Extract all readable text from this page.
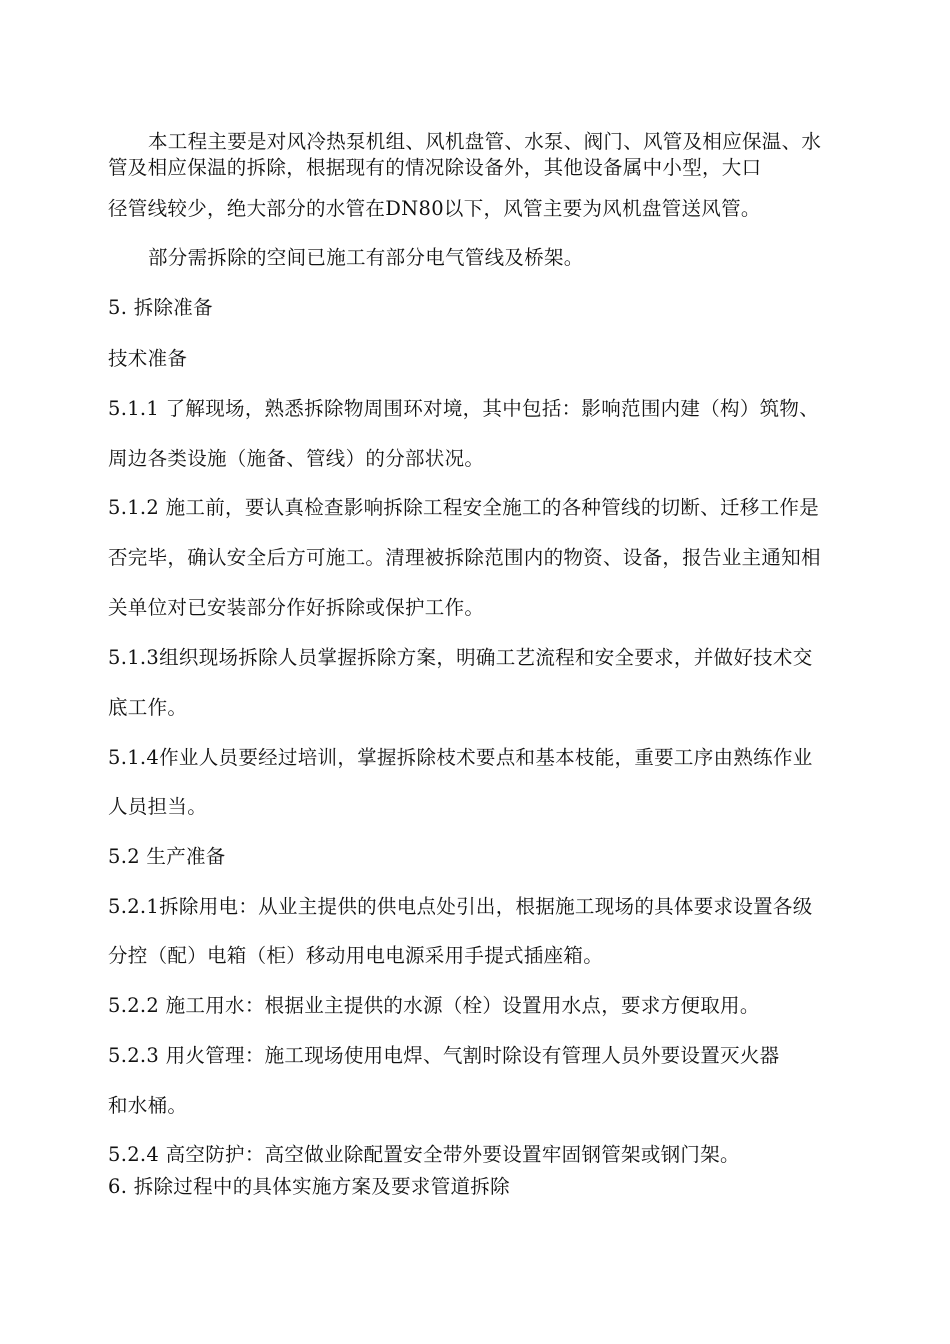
本工程主要是对风冷热泵机组、风机盘管、水泵、阀门、风管及相应保温、水
管及相应保温的拆除，根据现有的情况除设备外，其他设备属中小型，大口
径管线较少，绝大部分的水管在DN80以下，风管主要为风机盘管送风管。
部分需拆除的空间已施工有部分电气管线及桥架。
5. 拆除准备
技术准备
5.1.1 了解现场，熟悉拆除物周围环对境，其中包括：影响范围内建（构）筑物、
周边各类设施（施备、管线）的分部状况。
5.1.2 施工前，要认真检查影响拆除工程安全施工的各种管线的切断、迁移工作是
否完毕，确认安全后方可施工。清理被拆除范围内的物资、设备，报告业主通知相
关单位对已安装部分作好拆除或保护工作。
5.1.3组织现场拆除人员掌握拆除方案，明确工艺流程和安全要求，并做好技术交
底工作。
5.1.4作业人员要经过培训，掌握拆除枝术要点和基本枝能，重要工序由熟练作业
人员担当。
5.2 生产准备
5.2.1拆除用电：从业主提供的供电点处引出，根据施工现场的具体要求设置各级
分控（配）电箱（柜）移动用电电源采用手提式插座箱。
5.2.2 施工用水：根据业主提供的水源（栓）设置用水点，要求方便取用。
5.2.3 用火管理：施工现场使用电焊、气割时除设有管理人员外要设置灭火器
和水桶。
5.2.4 高空防护：高空做业除配置安全带外要设置牢固钢管架或钢门架。
6. 拆除过程中的具体实施方案及要求管道拆除
